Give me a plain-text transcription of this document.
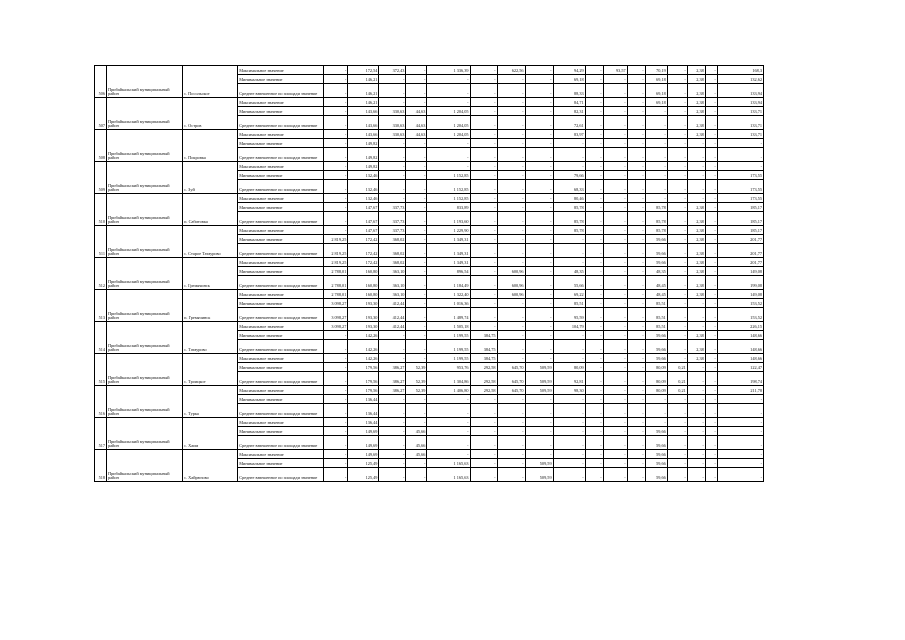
506	Прибайкальский муниципальный район	с. Посольское	Максимальное значение	-	172,54	372,43	-	1 336,39	-	622,56	-	94,29	-	93,57	-	70,19	-	2,38	-	168,3
			Минимальное значение	-	146,21	-	-	-	-	-	-	69,18	-	-	-	69,18	-	2,38	-	132,62
			Среднее взвешенное по площади значение	-	146,21	-	-	-	-	-	-	88,33	-	-	-	69,18	-	2,38	-	133,94
507	Прибайкальский муниципальный район	с. Остров	Максимальное значение	-	146,21	-	-	-	-	-	-	84,71	-	-	-	69,18	-	2,38	-	133,94
			Минимальное значение	-	143,66	330,63	44,63	1 204,05	-	-	-	82,31	-	-	-	-	-	2,38	-	133,71
			Среднее взвешенное по площади значение	-	143,66	330,63	44,63	1 204,05	-	-	-	72,61	-	-	-	-	-	2,38	-	133,71
508	Прибайкальский муниципальный район	с. Покровка	Максимальное значение	-	143,66	330,63	44,63	1 204,05	-	-	-	83,97	-	-	-	-	-	2,38	-	133,71
			Минимальное значение	-	149,82	-	-	-	-	-	-	-	-	-	-	-	-	-	-	-
			Среднее взвешенное по площади значение	-	149,82	-	-	-	-	-	-	-	-	-	-	-	-	-	-	-
509	Прибайкальский муниципальный район	с. Зуй	Максимальное значение	-	149,82	-	-	-	-	-	-	-	-	-	-	-	-	-	-	-
			Минимальное значение	-	132,46	-	-	1 152,85	-	-	-	79,66	-	-	-	-	-	-	-	173,55
			Среднее взвешенное по площади значение	-	132,46	-	-	1 152,85	-	-	-	68,33	-	-	-	-	-	-	-	173,55
510	Прибайкальский муниципальный район	п. Сабитовка	Максимальное значение	-	132,46	-	-	1 152,85	-	-	-	80,46	-	-	-	-	-	-	-	173,55
			Минимальное значение	-	147,67	337,73	-	833,89	-	-	-	85,78	-	-	-	85,78	-	2,38	-	185,17
			Среднее взвешенное по площади значение	-	147,67	337,73	-	1 193,60	-	-	-	85,78	-	-	-	85,78	-	2,38	-	185,17
511	Прибайкальский муниципальный район	с. Старое Татаурово	Максимальное значение	-	147,67	337,73	-	1 229,90	-	-	-	85,78	-	-	-	85,78	-	2,38	-	185,17
			Минимальное значение	2 819,25	172,42	368,02	-	1 349,31	-	-	-	-	-	-	-	59,66	-	2,38	-	201,77
			Среднее взвешенное по площади значение	2 819,25	172,42	368,02	-	1 349,31	-	-	-	-	-	-	-	59,66	-	2,38	-	201,77
512	Прибайкальский муниципальный район	с. Гремячинск	Максимальное значение	2 819,25	172,42	368,02	-	1 349,31	-	-	-	-	-	-	-	59,66	-	2,38	-	201,77
			Минимальное значение	2 788,01	160,80	363,10	-	896,54	-	600,96	-	48,35	-	-	-	48,35	-	2,38	-	149,08
			Среднее взвешенное по площади значение	2 788,01	160,80	363,10	-	1 184,49	-	600,96	-	55,66	-	-	-	48,45	-	2,38	-	199,08
513	Прибайкальский муниципальный район	п. Гремячинск	Максимальное значение	2 788,01	160,80	363,10	-	1 322,40	-	600,96	-	69,22	-	-	-	48,45	-	2,38	-	149,08
			Минимальное значение	3 098,27	193,30	412,44	-	1 016,36	-	-	-	85,51	-	-	-	85,51	-	-	-	153,52
			Среднее взвешенное по площади значение	3 098,27	193,30	412,44	-	1 489,74	-	-	-	95,59	-	-	-	85,51	-	-	-	153,52
514	Прибайкальский муниципальный район	с. Татаурово	Максимальное значение	3 098,27	193,30	412,44	-	1 505,18	-	-	-	104,79	-	-	-	85,51	-	-	-	226,15
			Минимальное значение	-	142,26	-	-	1 199,55	384,75	-	-	-	-	-	-	59,66	-	2,38	-	148,66
			Среднее взвешенное по площади значение	-	142,26	-	-	1 199,55	384,75	-	-	-	-	-	-	59,66	-	2,38	-	148,66
515	Прибайкальский муниципальный район	с. Троицкое	Максимальное значение	-	142,26	-	-	1 199,55	384,75	-	-	-	-	-	-	59,66	-	2,38	-	148,66
			Минимальное значение	-	179,56	386,27	52,39	953,76	292,58	645,70	509,59	80,09	-	-	-	80,09	0,21	-	-	122,47
			Среднее взвешенное по площади значение	-	179,56	386,27	52,39	1 304,86	292,58	645,70	509,59	92,81	-	-	-	80,09	0,21	-	-	198,74
516	Прибайкальский муниципальный район	с. Турка	Максимальное значение	-	179,56	386,27	52,39	1 406,80	292,58	645,70	509,59	98,30	-	-	-	80,09	0,21	-	-	211,78
			Минимальное значение	-	136,44	-	-	-	-	-	-	-	-	-	-	-	-	-	-	-
			Среднее взвешенное по площади значение	-	136,44	-	-	-	-	-	-	-	-	-	-	-	-	-	-	-
517	Прибайкальский муниципальный район	с. Хаим	Максимальное значение	-	136,44	-	-	-	-	-	-	-	-	-	-	-	-	-	-	-
			Минимальное значение	-	149,69	-	45,66	-	-	-	-	-	-	-	-	59,66	-	-	-	-
			Среднее взвешенное по площади значение	-	149,69	-	45,66	-	-	-	-	-	-	-	-	59,66	-	-	-	-
518	Прибайкальский муниципальный район	с. Хайрюзово	Максимальное значение	-	149,69	-	45,66	-	-	-	-	-	-	-	-	59,66	-	-	-	-
			Минимальное значение	-	125,49	-	-	1 165,63	-	-	509,59	-	-	-	-	59,66	-	-	-	-
			Среднее взвешенное по площади значение	-	125,49	-	-	1 165,63	-	-	509,59	-	-	-	-	59,66	-	-	-	-
